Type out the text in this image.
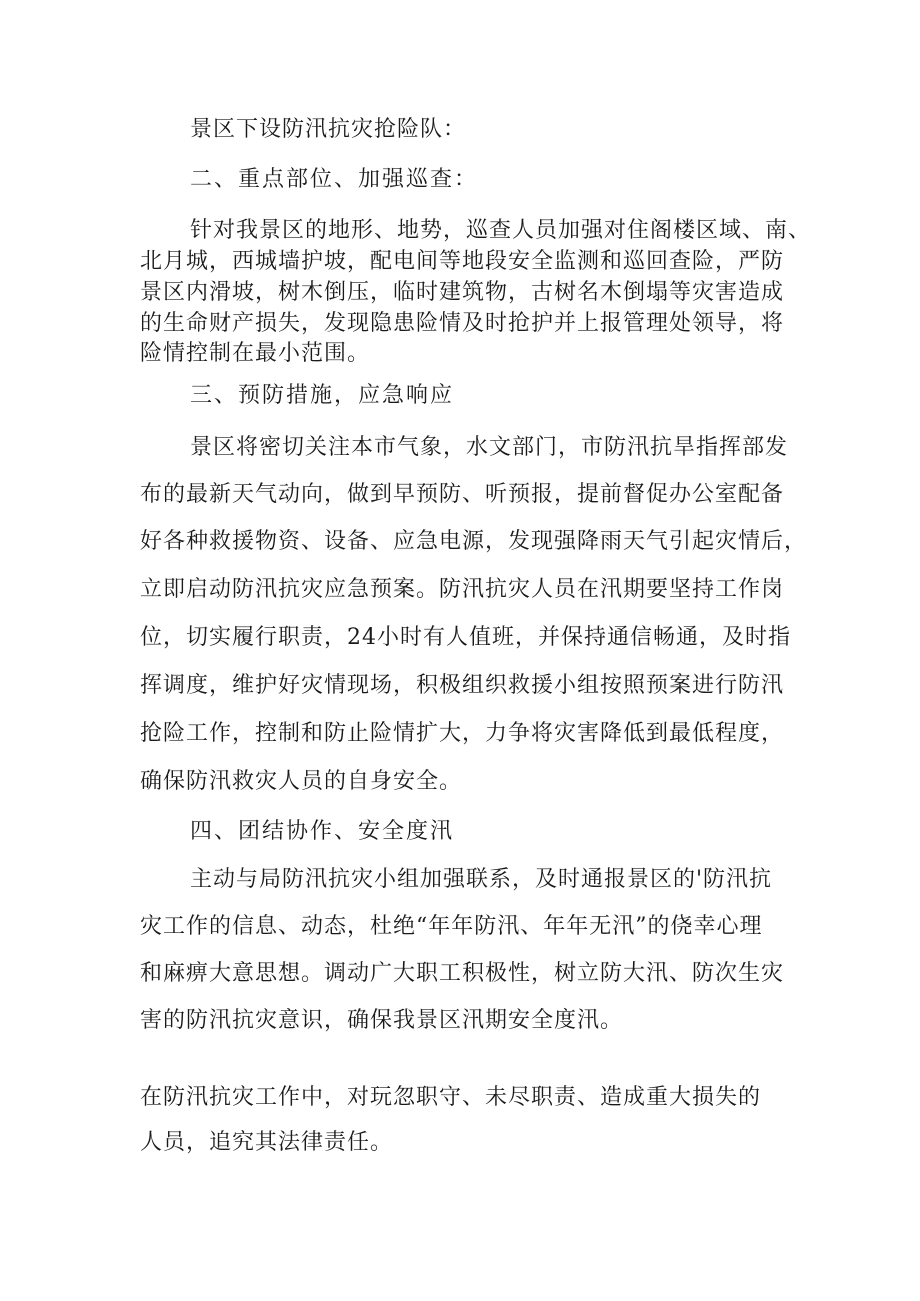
景区下设防汛抗灾抢险队：

二、重点部位、加强巡查：

针对我景区的地形、地势，巡查人员加强对住阁楼区域、南、

北月城，西城墙护坡，配电间等地段安全监测和巡回查险，严防

景区内滑坡，树木倒压，临时建筑物，古树名木倒塌等灾害造成

的生命财产损失，发现隐患险情及时抢护并上报管理处领导，将

险情控制在最小范围。

三、预防措施，应急响应

景区将密切关注本市气象，水文部门，市防汛抗旱指挥部发

布的最新天气动向，做到早预防、听预报，提前督促办公室配备

好各种救援物资、设备、应急电源，发现强降雨天气引起灾情后，

立即启动防汛抗灾应急预案。防汛抗灾人员在汛期要坚持工作岗

位，切实履行职责，24小时有人值班，并保持通信畅通，及时指

挥调度，维护好灾情现场，积极组织救援小组按照预案进行防汛

抢险工作，控制和防止险情扩大，力争将灾害降低到最低程度，

确保防汛救灾人员的自身安全。

四、团结协作、安全度汛

主动与局防汛抗灾小组加强联系，及时通报景区的'防汛抗

灾工作的信息、动态，杜绝“年年防汛、年年无汛”的侥幸心理

和麻痹大意思想。调动广大职工积极性，树立防大汛、防次生灾

害的防汛抗灾意识，确保我景区汛期安全度汛。

在防汛抗灾工作中，对玩忽职守、未尽职责、造成重大损失的

人员，追究其法律责任。
